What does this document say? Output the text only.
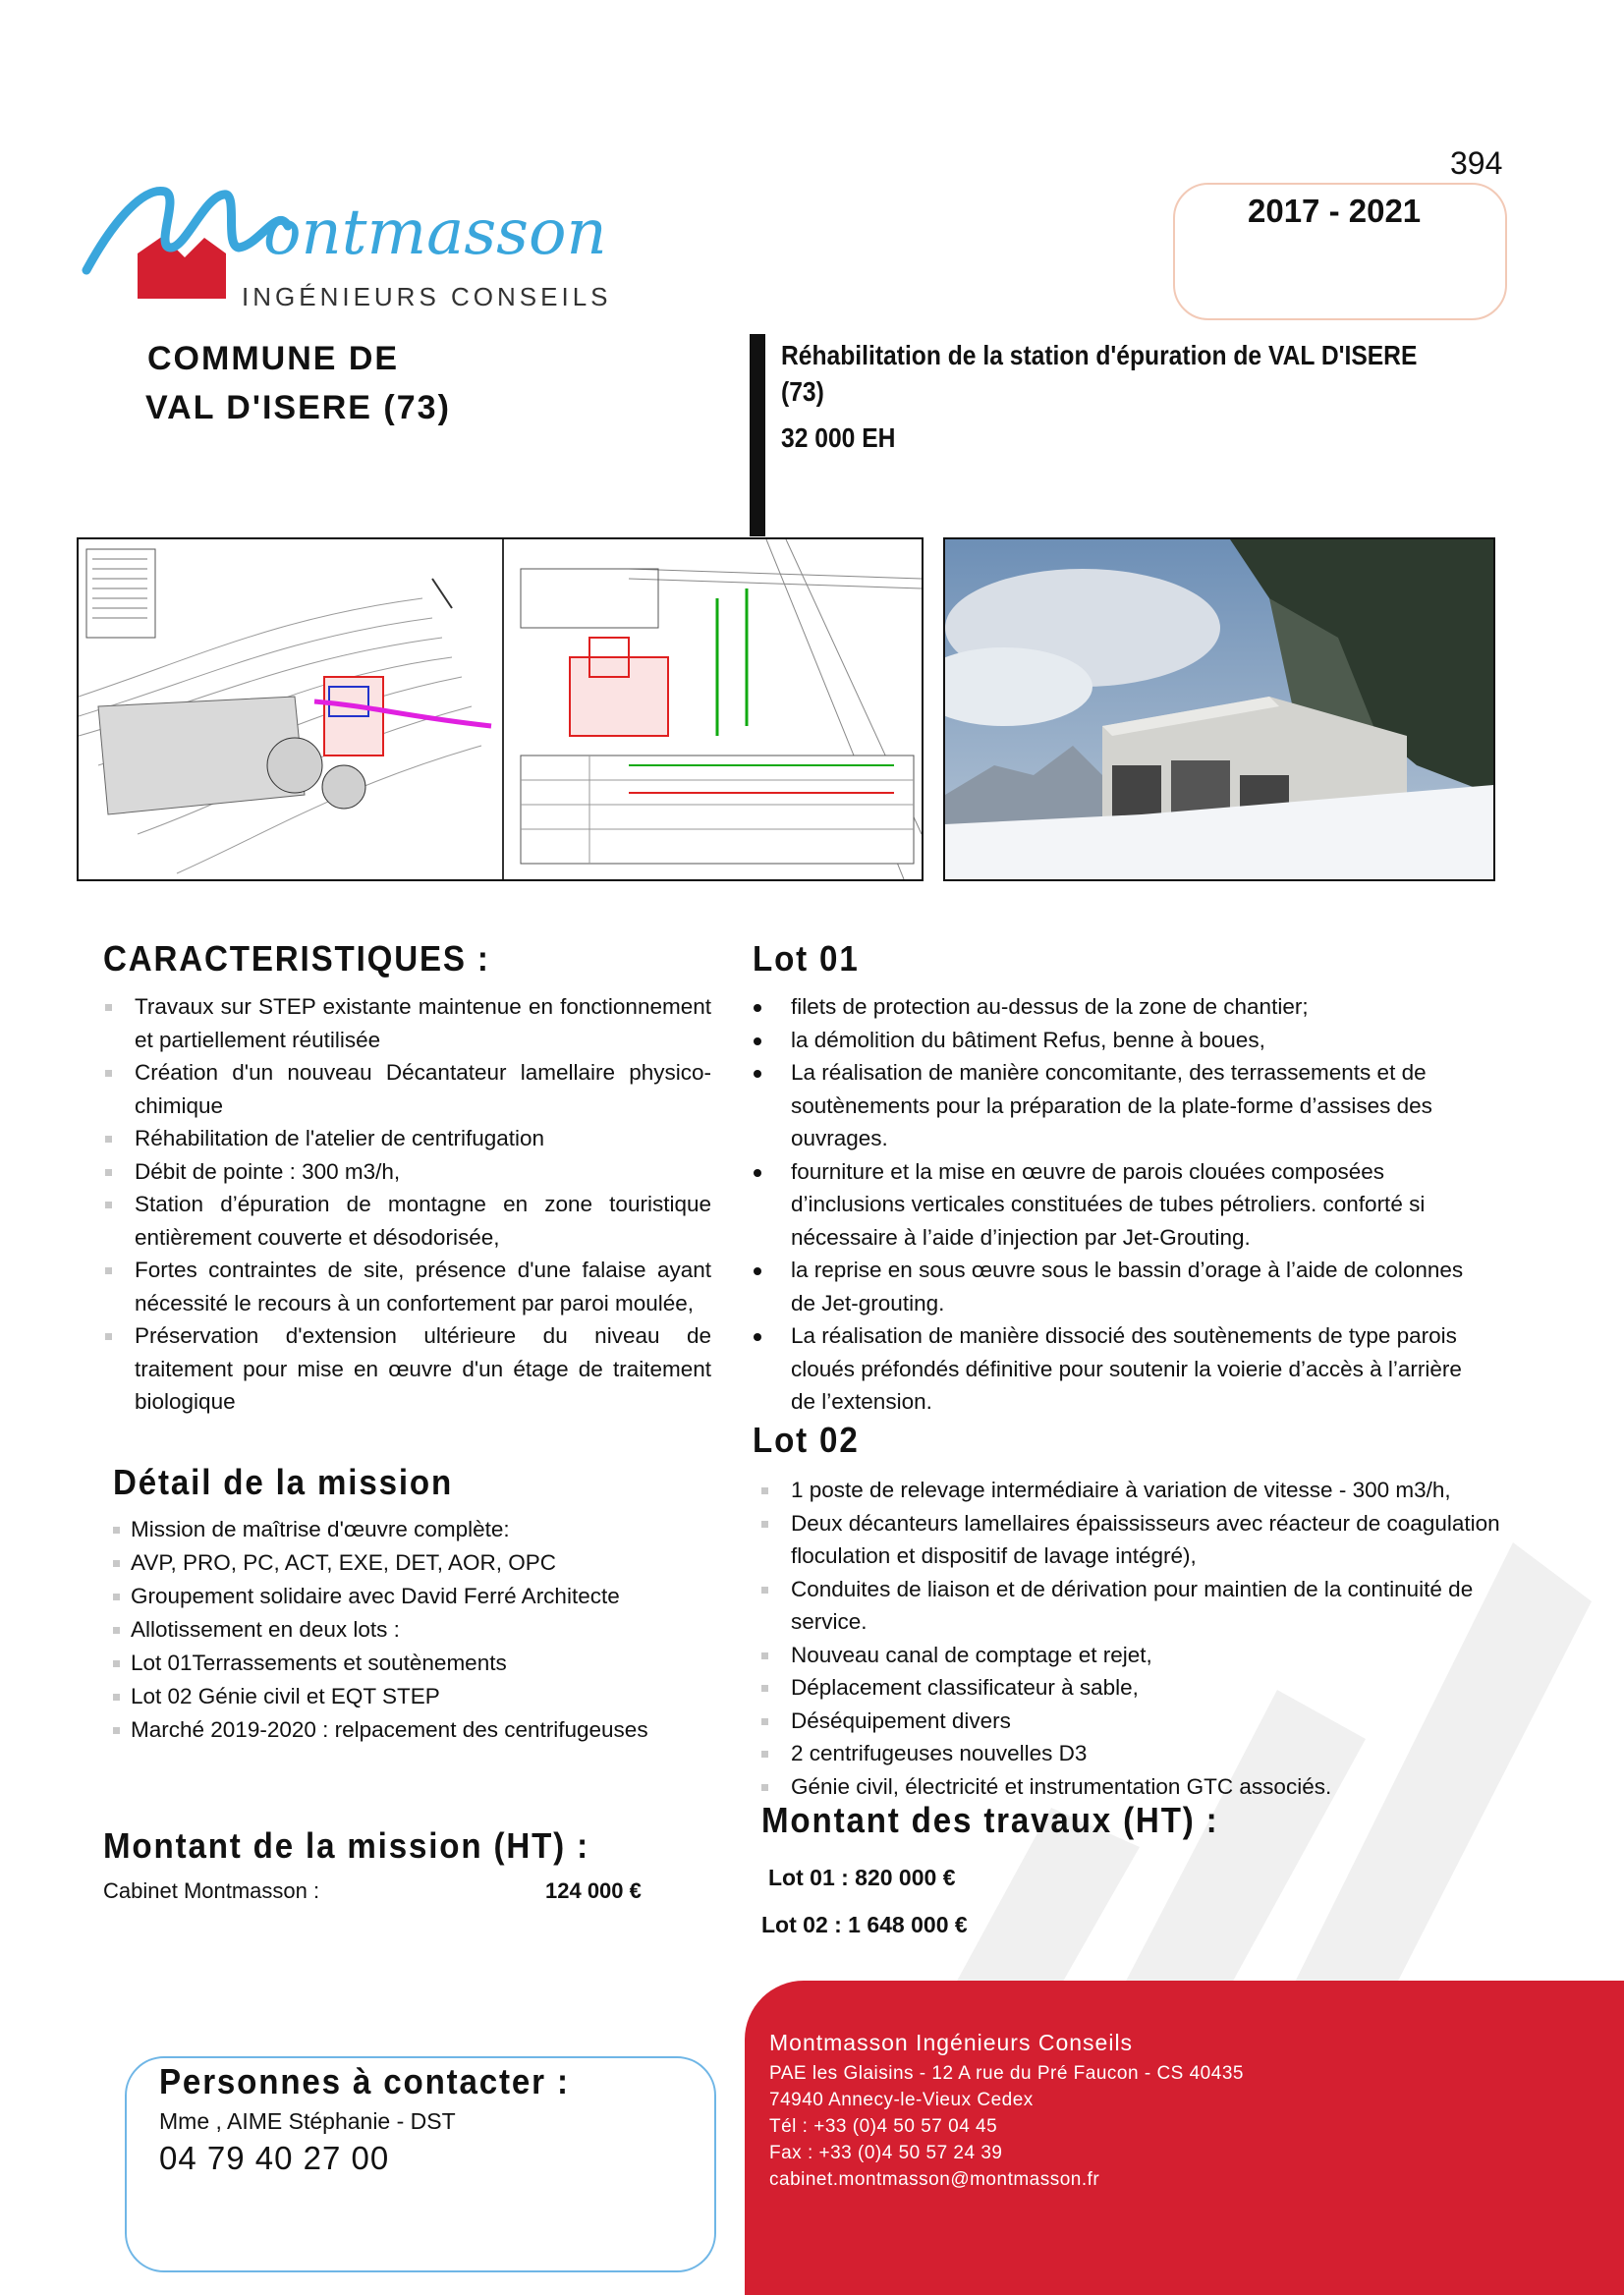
394
2017 - 2021
ontmasson
INGÉNIEURS CONSEILS
COMMUNE DE
VAL D'ISERE (73)
Réhabilitation de la station d'épuration de VAL D'ISERE (73)
32 000 EH
CARACTERISTIQUES :
Travaux sur STEP existante maintenue en fonctionnement et partiellement réutilisée
Création d'un nouveau Décantateur lamellaire physico-chimique
Réhabilitation de l'atelier de centrifugation
Débit de pointe : 300 m3/h,
Station d’épuration de montagne en zone touristique entièrement couverte et désodorisée,
Fortes contraintes de site, présence d'une falaise ayant nécessité le recours à un confortement par paroi moulée,
Préservation d'extension ultérieure du niveau de traitement pour mise en œuvre d'un étage de traitement biologique
Lot 01
filets de protection au-dessus de la zone de chantier;
la démolition du bâtiment Refus, benne à boues,
La réalisation de manière concomitante, des terrassements et de soutènements pour la préparation de la plate-forme d’assises des ouvrages.
fourniture et la mise en œuvre de parois clouées composées d’inclusions verticales constituées de tubes pétroliers. conforté si nécessaire à l’aide d’injection par Jet-Grouting.
la reprise en sous œuvre sous le bassin d’orage à l’aide de colonnes de Jet-grouting.
La réalisation de manière dissocié des soutènements de type parois cloués préfondés définitive pour soutenir la voierie d’accès à l’arrière de l’extension.
Lot 02
1 poste de relevage intermédiaire à variation de vitesse - 300 m3/h,
Deux décanteurs lamellaires épaississeurs avec réacteur de coagulation floculation et dispositif de lavage intégré),
Conduites de liaison et de dérivation pour maintien de la continuité de service.
Nouveau canal de comptage et rejet,
Déplacement classificateur à sable,
Déséquipement divers
2 centrifugeuses nouvelles D3
Génie civil, électricité et instrumentation GTC associés.
Détail de la mission
Mission de maîtrise d'œuvre complète:
AVP, PRO, PC, ACT, EXE, DET, AOR, OPC
Groupement solidaire avec David Ferré Architecte
Allotissement en deux lots :
Lot 01Terrassements et soutènements
Lot 02 Génie civil et EQT STEP
Marché 2019-2020 : relpacement des centrifugeuses
Montant de la mission (HT) :
Cabinet Montmasson :	124 000 €
Montant des travaux (HT) :
Lot 01 : 820 000 €
Lot 02 : 1 648 000 €
Personnes à contacter :
Mme , AIME Stéphanie - DST
04 79 40 27 00
Montmasson Ingénieurs Conseils
PAE les Glaisins - 12 A rue du Pré Faucon - CS 40435
74940 Annecy-le-Vieux Cedex
Tél : +33 (0)4 50 57 04 45
Fax : +33 (0)4 50 57 24 39
cabinet.montmasson@montmasson.fr
